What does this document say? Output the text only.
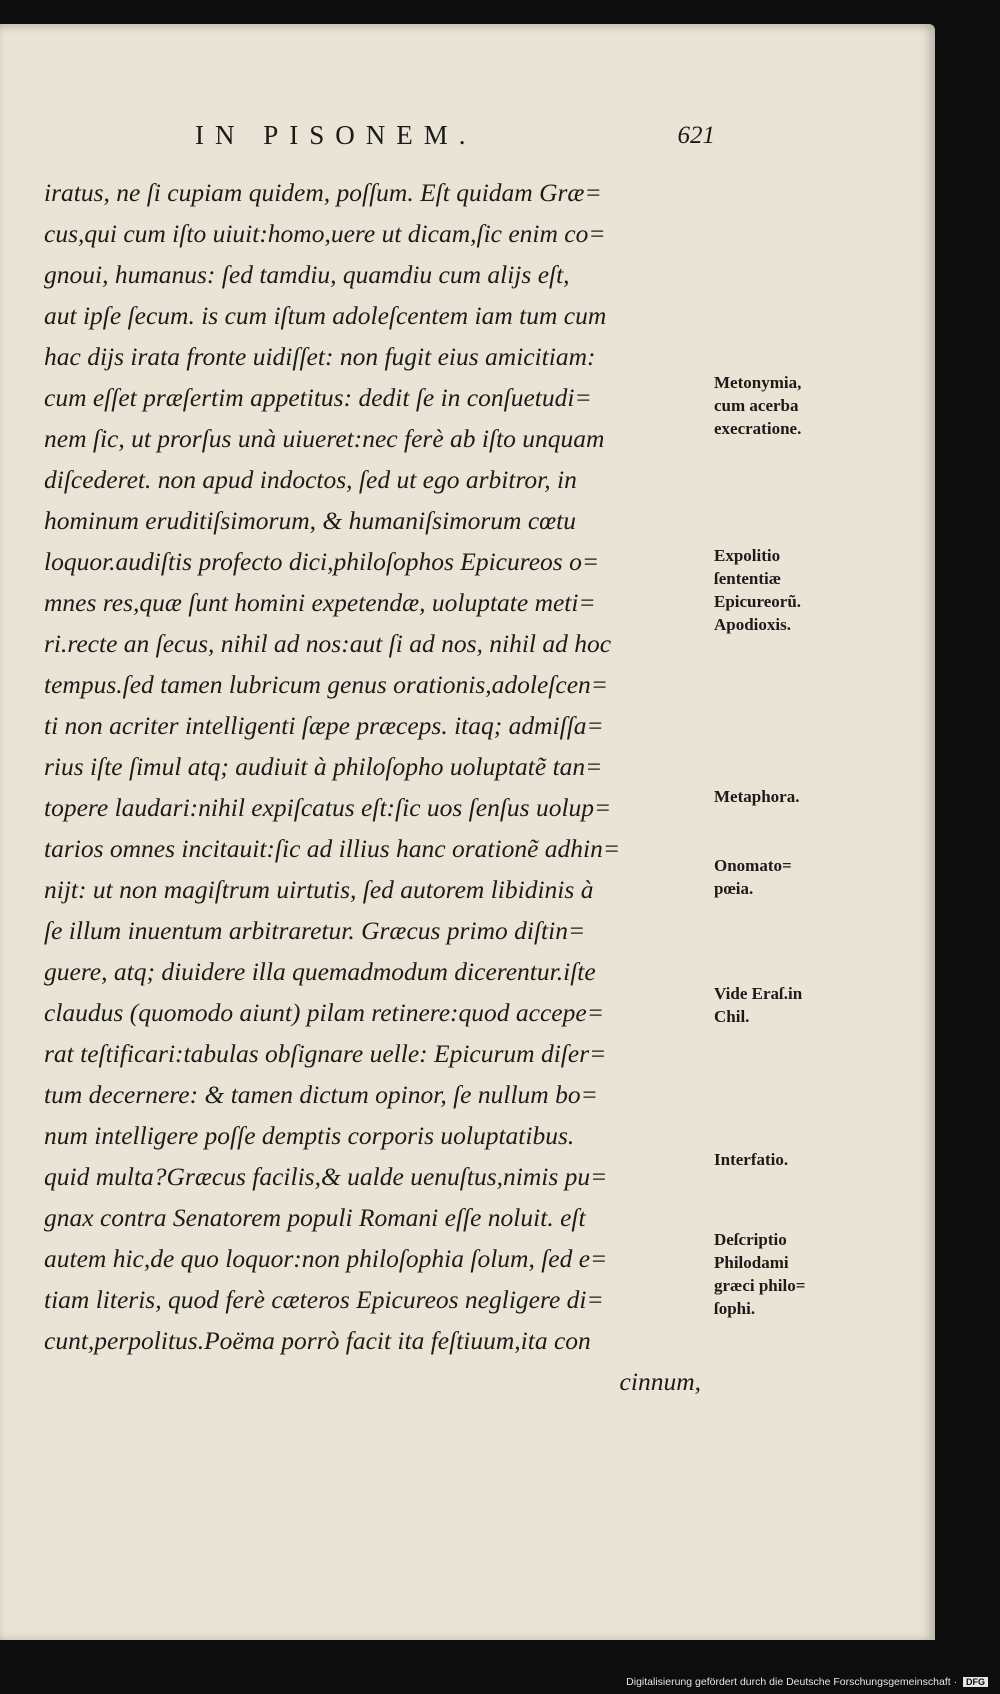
IN PISONEM.	621
iratus, ne ſi cupiam quidem, poſſum. Eſt quidam Græ=
cus,qui cum iſto uiuit:homo,uere ut dicam,ſic enim co=
gnoui, humanus: ſed tamdiu, quamdiu cum alijs eſt,
aut ipſe ſecum. is cum iſtum adoleſcentem iam tum cum
hac dijs irata fronte uidiſſet: non fugit eius amicitiam:
cum eſſet præſertim appetitus: dedit ſe in conſuetudi=
nem ſic, ut prorſus unà uiueret:nec ferè ab iſto unquam
diſcederet. non apud indoctos, ſed ut ego arbitror, in
hominum eruditiſsimorum, & humaniſsimorum cœtu
loquor.audiſtis profecto dici,philoſophos Epicureos o=
mnes res,quæ ſunt homini expetendæ, uoluptate meti=
ri.recte an ſecus, nihil ad nos:aut ſi ad nos, nihil ad hoc
tempus.ſed tamen lubricum genus orationis,adoleſcen=
ti non acriter intelligenti ſæpe præceps. itaq; admiſſa=
rius iſte ſimul atq; audiuit à philoſopho uoluptatẽ tan=
topere laudari:nihil expiſcatus eſt:ſic uos ſenſus uolup=
tarios omnes incitauit:ſic ad illius hanc orationẽ adhin=
nijt: ut non magiſtrum uirtutis, ſed autorem libidinis à
ſe illum inuentum arbitraretur. Græcus primo diſtin=
guere, atq; diuidere illa quemadmodum dicerentur.iſte
claudus (quomodo aiunt) pilam retinere:quod accepe=
rat teſtificari:tabulas obſignare uelle: Epicurum diſer=
tum decernere: & tamen dictum opinor, ſe nullum bo=
num intelligere poſſe demptis corporis uoluptatibus.
quid multa?Græcus facilis,& ualde uenuſtus,nimis pu=
gnax contra Senatorem populi Romani eſſe noluit. eſt
autem hic,de quo loquor:non philoſophia ſolum, ſed e=
tiam literis, quod ferè cæteros Epicureos negligere di=
cunt,perpolitus.Poëma porrò facit ita feſtiuum,ita con
cinnum,
Metonymia,
cum acerba
execratione.
Expolitio
ſententiæ
Epicureorũ.
Apodioxis.
Metaphora.
Onomato=
pœia.
Vide Eraſ.in
Chil.
Interfatio.
Deſcriptio
Philodami
græci philo=
ſophi.
Digitalisierung gefördert durch die Deutsche Forschungsgemeinschaft · DFG
